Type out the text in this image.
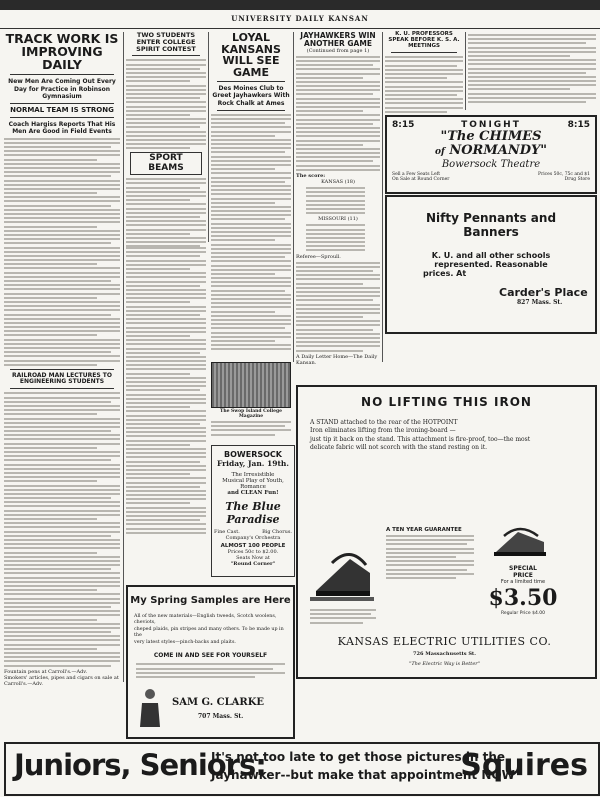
UNIVERSITY DAILY KANSAN
TRACK WORK IS IMPROVING DAILY
New Men Are Coming Out Every Day for Practice in Robinson Gymnasium
NORMAL TEAM IS STRONG
Coach Hargiss Reports That His Men Are Good in Field Events
RAILROAD MAN LECTURES TO ENGINEERING STUDENTS
Fountain pens at Carroll's.—Adv.
Smokers' articles, pipes and cigars on sale at Carroll's.—Adv.
TWO STUDENTS ENTER COLLEGE SPIRIT CONTEST
SPORT BEAMS
LOYAL KANSANS WILL SEE GAME
Des Moines Club to Greet Jayhawkers With Rock Chalk at Ames
The Swop Island College Magazine
BOWERSOCK
Friday, Jan. 19th.
The Irresistible
Musical Play of Youth,
Romance
and CLEAN Fun!
The Blue Paradise
Fine Cast.	Big Chorus.
Company's Orchestra
ALMOST 100 PEOPLE
Prices 50c to $2.00.
Seats Now at
"Round Corner"
JAYHAWKERS WIN ANOTHER GAME
(Continued from page 1)
The score:
KANSAS (18)
MISSOURI (11)
Referee—Sproull.
A Daily Letter Home—The Daily Kansan.
K. U. PROFESSORS SPEAK BEFORE K. S. A. MEETINGS
8:15	TONIGHT	8:15
"The CHIMES
of NORMANDY"
Bowersock Theatre
Sell a Few Seats Left	Prices 50c, 75c and $1
On Sale at Round Corner	Drug Store
Nifty Pennants and
Banners
K. U. and all other schools
represented. Reasonable
prices. At
Carder's Place
827 Mass. St.
NO LIFTING THIS IRON
A STAND attached to the rear of the HOTPOINT
Iron eliminates lifting from the ironing-board —
just tip it back on the stand. This attachment is fire-proof, too—the most
delicate fabric will not scorch with the stand resting on it.
A TEN YEAR GUARANTEE
SPECIAL
PRICE
For a limited time
$3.50
Regular Price $4.00
KANSAS ELECTRIC UTILITIES CO.
726 Massachusetts St.
"The Electric Way is Better"
My Spring Samples are Here
All of the new materials—English tweeds, Scotch woolens, cheviots,
cheped plaids, pin stripes and many others. To be made up in the
very latest styles—pinch-backs and plaits.
COME IN AND SEE FOR YOURSELF
SAM G. CLARKE
707 Mass. St.
Juniors, Seniors:
It's not too late to get those pictures in the
Jayhawker--but make that appointment NOW
Squires
